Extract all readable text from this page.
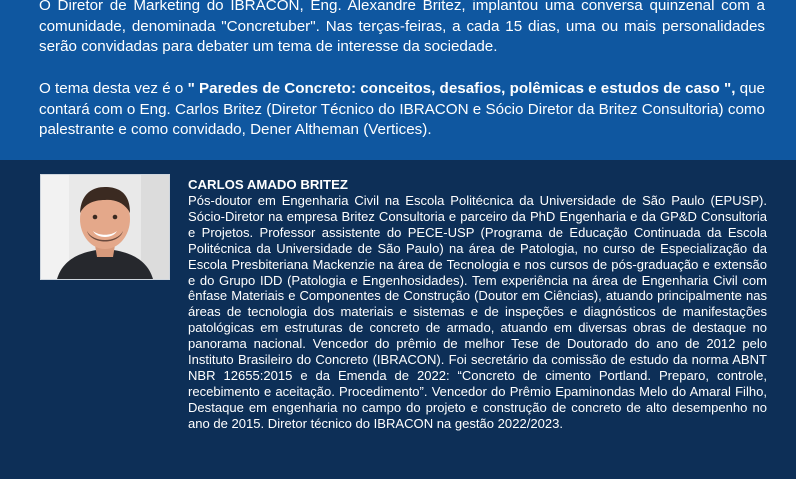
O Diretor de Marketing do IBRACON, Eng. Alexandre Britez, implantou uma conversa quinzenal com a comunidade, denominada "Concretuber". Nas terças-feiras, a cada 15 dias, uma ou mais personalidades serão convidadas para debater um tema de interesse da sociedade.

O tema desta vez é o " Paredes de Concreto: conceitos, desafios, polêmicas e estudos de caso ", que contará com o Eng. Carlos Britez (Diretor Técnico do IBRACON e Sócio Diretor da Britez Consultoria) como palestrante e como convidado, Dener Altheman (Vertices).

CARLOS AMADO BRITEZ

Pós-doutor em Engenharia Civil na Escola Politécnica da Universidade de São Paulo (EPUSP). Sócio-Diretor na empresa Britez Consultoria e parceiro da PhD Engenharia e da GP&D Consultoria e Projetos. Professor assistente do PECE-USP (Programa de Educação Continuada da Escola Politécnica da Universidade de São Paulo) na área de Patologia, no curso de Especialização da Escola Presbiteriana Mackenzie na área de Tecnologia e nos cursos de pós-graduação e extensão e do Grupo IDD (Patologia e Engenhosidades). Tem experiência na área de Engenharia Civil com ênfase Materiais e Componentes de Construção (Doutor em Ciências), atuando principalmente nas áreas de tecnologia dos materiais e sistemas e de inspeções e diagnósticos de manifestações patológicas em estruturas de concreto de armado, atuando em diversas obras de destaque no panorama nacional. Vencedor do prêmio de melhor Tese de Doutorado do ano de 2012 pelo Instituto Brasileiro do Concreto (IBRACON). Foi secretário da comissão de estudo da norma ABNT NBR 12655:2015 e da Emenda de 2022: “Concreto de cimento Portland. Preparo, controle, recebimento e aceitação. Procedimento”. Vencedor do Prêmio Epaminondas Melo do Amaral Filho, Destaque em engenharia no campo do projeto e construção de concreto de alto desempenho no ano de 2015. Diretor técnico do IBRACON na gestão 2022/2023.
